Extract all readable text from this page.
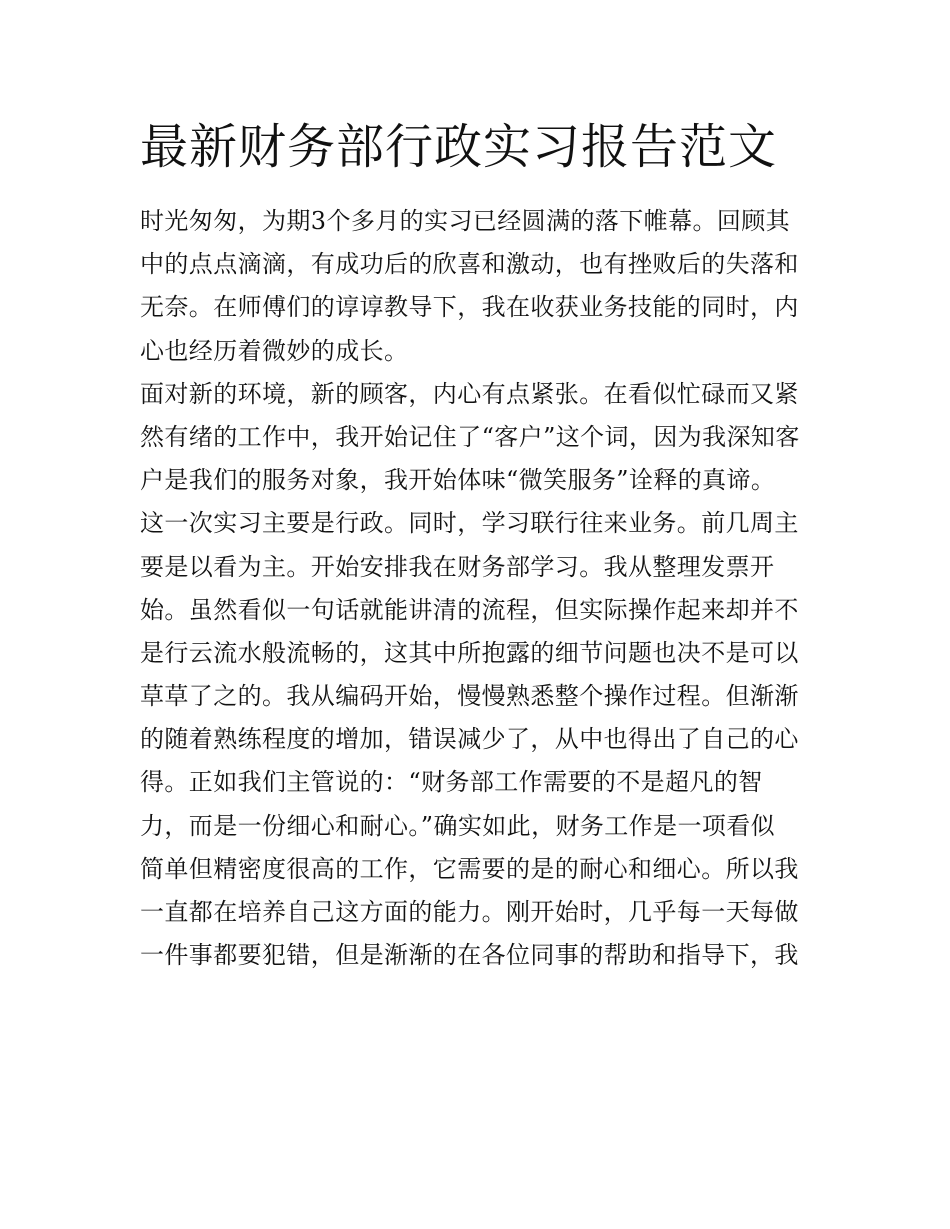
最新财务部行政实习报告范文
时光匆匆，为期3个多月的实习已经圆满的落下帷幕。回顾其
中的点点滴滴，有成功后的欣喜和激动，也有挫败后的失落和
无奈。在师傅们的谆谆教导下，我在收获业务技能的同时，内
心也经历着微妙的成长。
面对新的环境，新的顾客，内心有点紧张。在看似忙碌而又紧
然有绪的工作中，我开始记住了“客户”这个词，因为我深知客
户是我们的服务对象，我开始体味“微笑服务”诠释的真谛。
这一次实习主要是行政。同时，学习联行往来业务。前几周主
要是以看为主。开始安排我在财务部学习。我从整理发票开
始。虽然看似一句话就能讲清的流程，但实际操作起来却并不
是行云流水般流畅的，这其中所抱露的细节问题也决不是可以
草草了之的。我从编码开始，慢慢熟悉整个操作过程。但渐渐
的随着熟练程度的增加，错误减少了，从中也得出了自己的心
得。正如我们主管说的：“财务部工作需要的不是超凡的智
力，而是一份细心和耐心。”确实如此，财务工作是一项看似
简单但精密度很高的工作，它需要的是的耐心和细心。所以我
一直都在培养自己这方面的能力。刚开始时，几乎每一天每做
一件事都要犯错，但是渐渐的在各位同事的帮助和指导下，我
